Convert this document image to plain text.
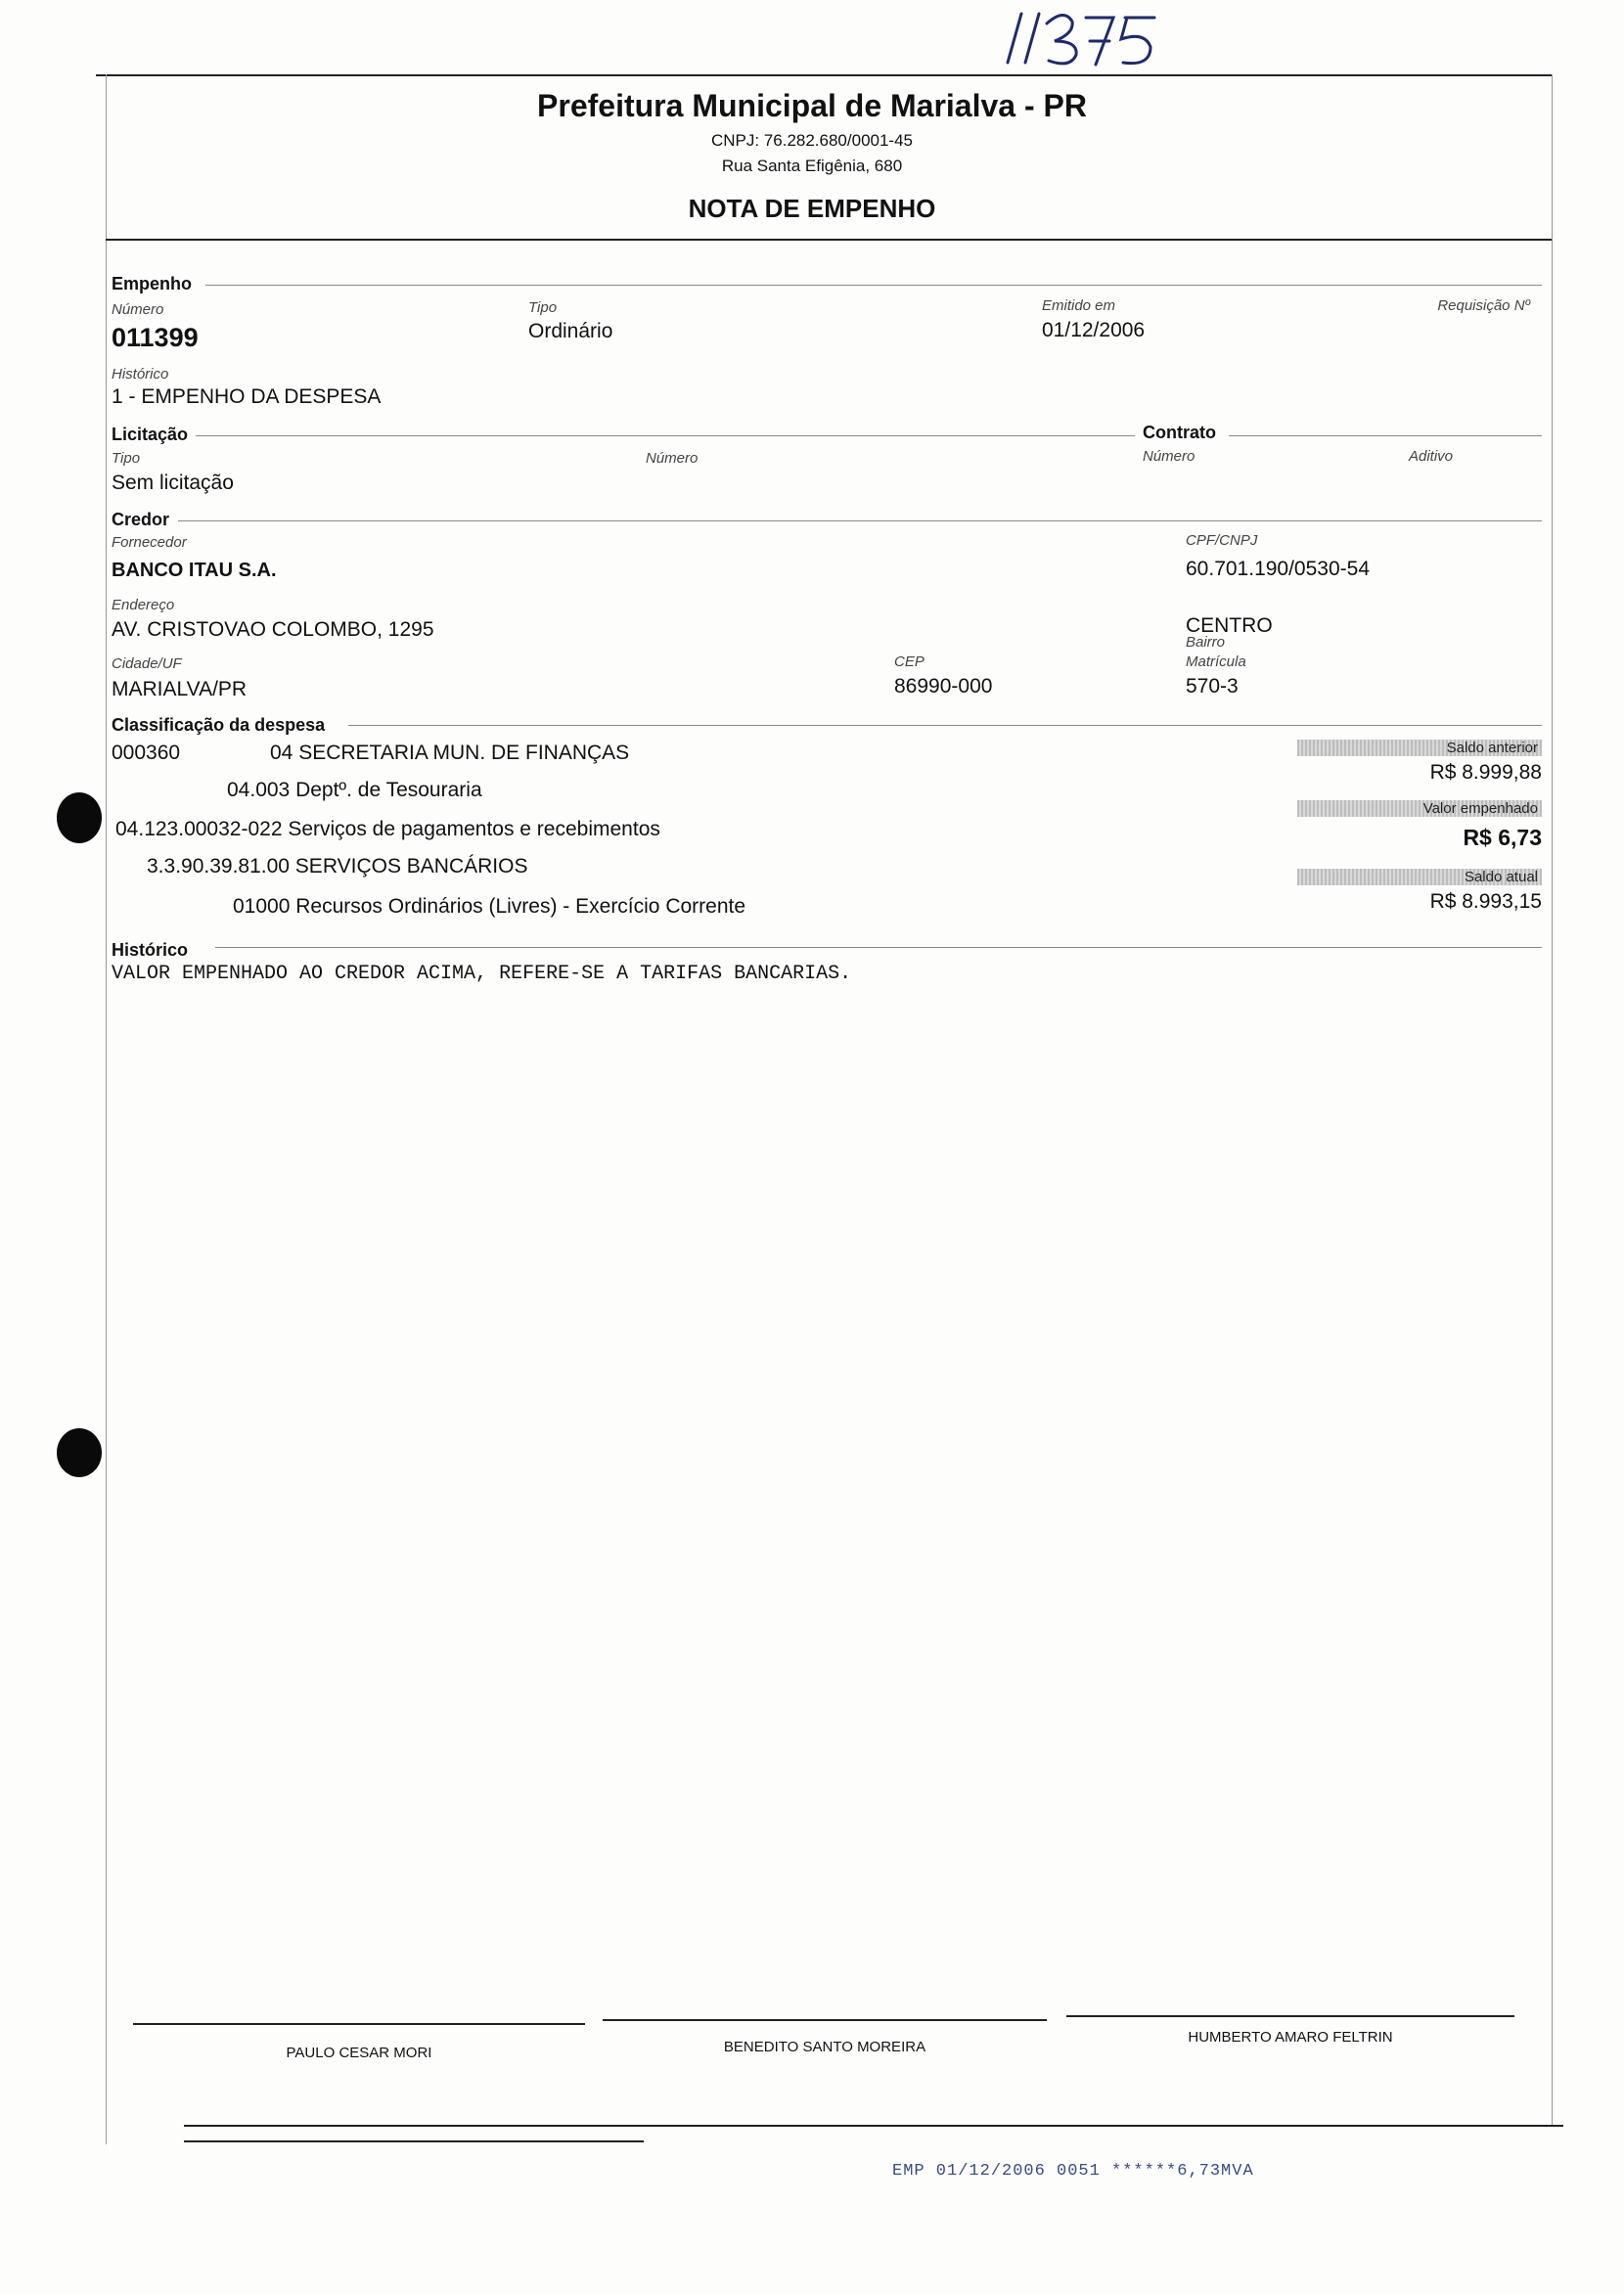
Prefeitura Municipal de Marialva - PR
CNPJ: 76.282.680/0001-45
Rua Santa Efigênia, 680
NOTA DE EMPENHO
Empenho
Número
011399
Tipo
Ordinário
Emitido em
01/12/2006
Requisição Nº
Histórico
1 - EMPENHO DA DESPESA
Licitação	Contrato
Tipo
Sem licitação
Número	Número	Aditivo
Credor
Fornecedor
BANCO ITAU S.A.
CPF/CNPJ
60.701.190/0530-54
Endereço
AV. CRISTOVAO COLOMBO, 1295
Bairro
CENTRO
Cidade/UF
MARIALVA/PR
CEP
86990-000
Matrícula
570-3
Classificação da despesa
000360	04 SECRETARIA MUN. DE FINANÇAS
04.003 Deptº. de Tesouraria
04.123.00032-022 Serviços de pagamentos e recebimentos
3.3.90.39.81.00 SERVIÇOS BANCÁRIOS
01000 Recursos Ordinários (Livres) - Exercício Corrente
Saldo anterior
R$ 8.999,88
Valor empenhado
R$ 6,73
Saldo atual
R$ 8.993,15
Histórico
VALOR EMPENHADO AO CREDOR ACIMA, REFERE-SE A TARIFAS BANCARIAS.
PAULO CESAR MORI	BENEDITO SANTO MOREIRA
HUMBERTO AMARO FELTRIN
EMP 01/12/2006 0051 ******6,73MVA
